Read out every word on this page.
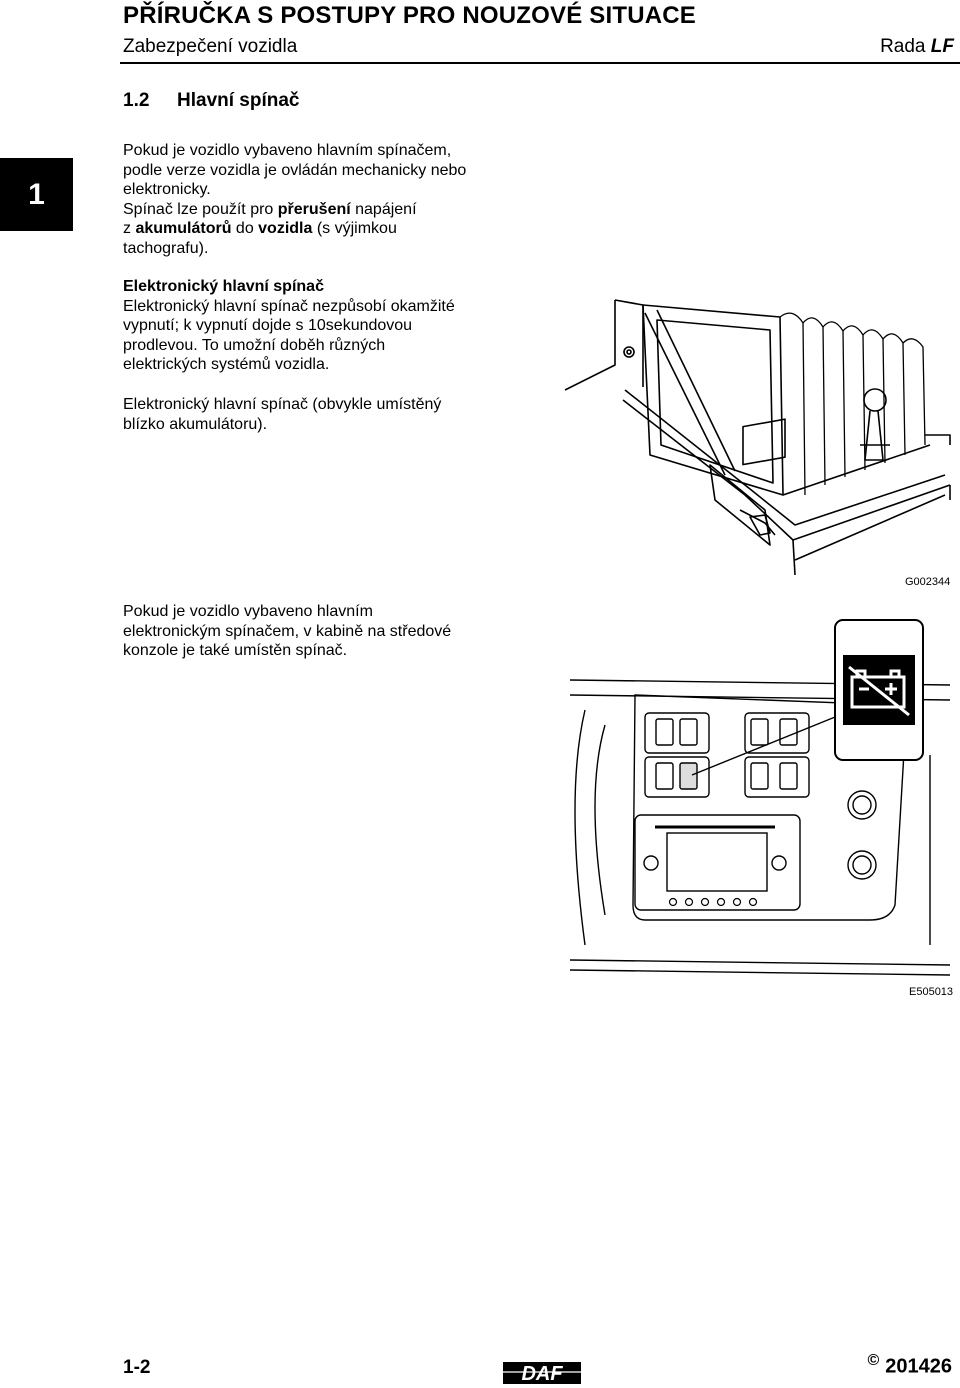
PŘÍRUČKA S POSTUPY PRO NOUZOVÉ SITUACE
Zabezpečení vozidla	Rada LF
1.2 Hlavní spínač
1

Pokud je vozidlo vybaveno hlavním spínačem,

podle verze vozidla je ovládán mechanicky nebo

elektronicky.

Spínač lze použít pro přerušení napájení

z akumulátorů do vozidla (s výjimkou

tachografu).

Elektronický hlavní spínač

Elektronický hlavní spínač nezpůsobí okamžité

vypnutí; k vypnutí dojde s 10sekundovou

prodlevou. To umožní doběh různých

elektrických systémů vozidla.

Elektronický hlavní spínač (obvykle umístěný

blízko akumulátoru).

G002344

Pokud je vozidlo vybaveno hlavním

elektronickým spínačem, v kabině na středové

konzole je také umístěn spínač.

E505013
1-2	DAF
© 201426
